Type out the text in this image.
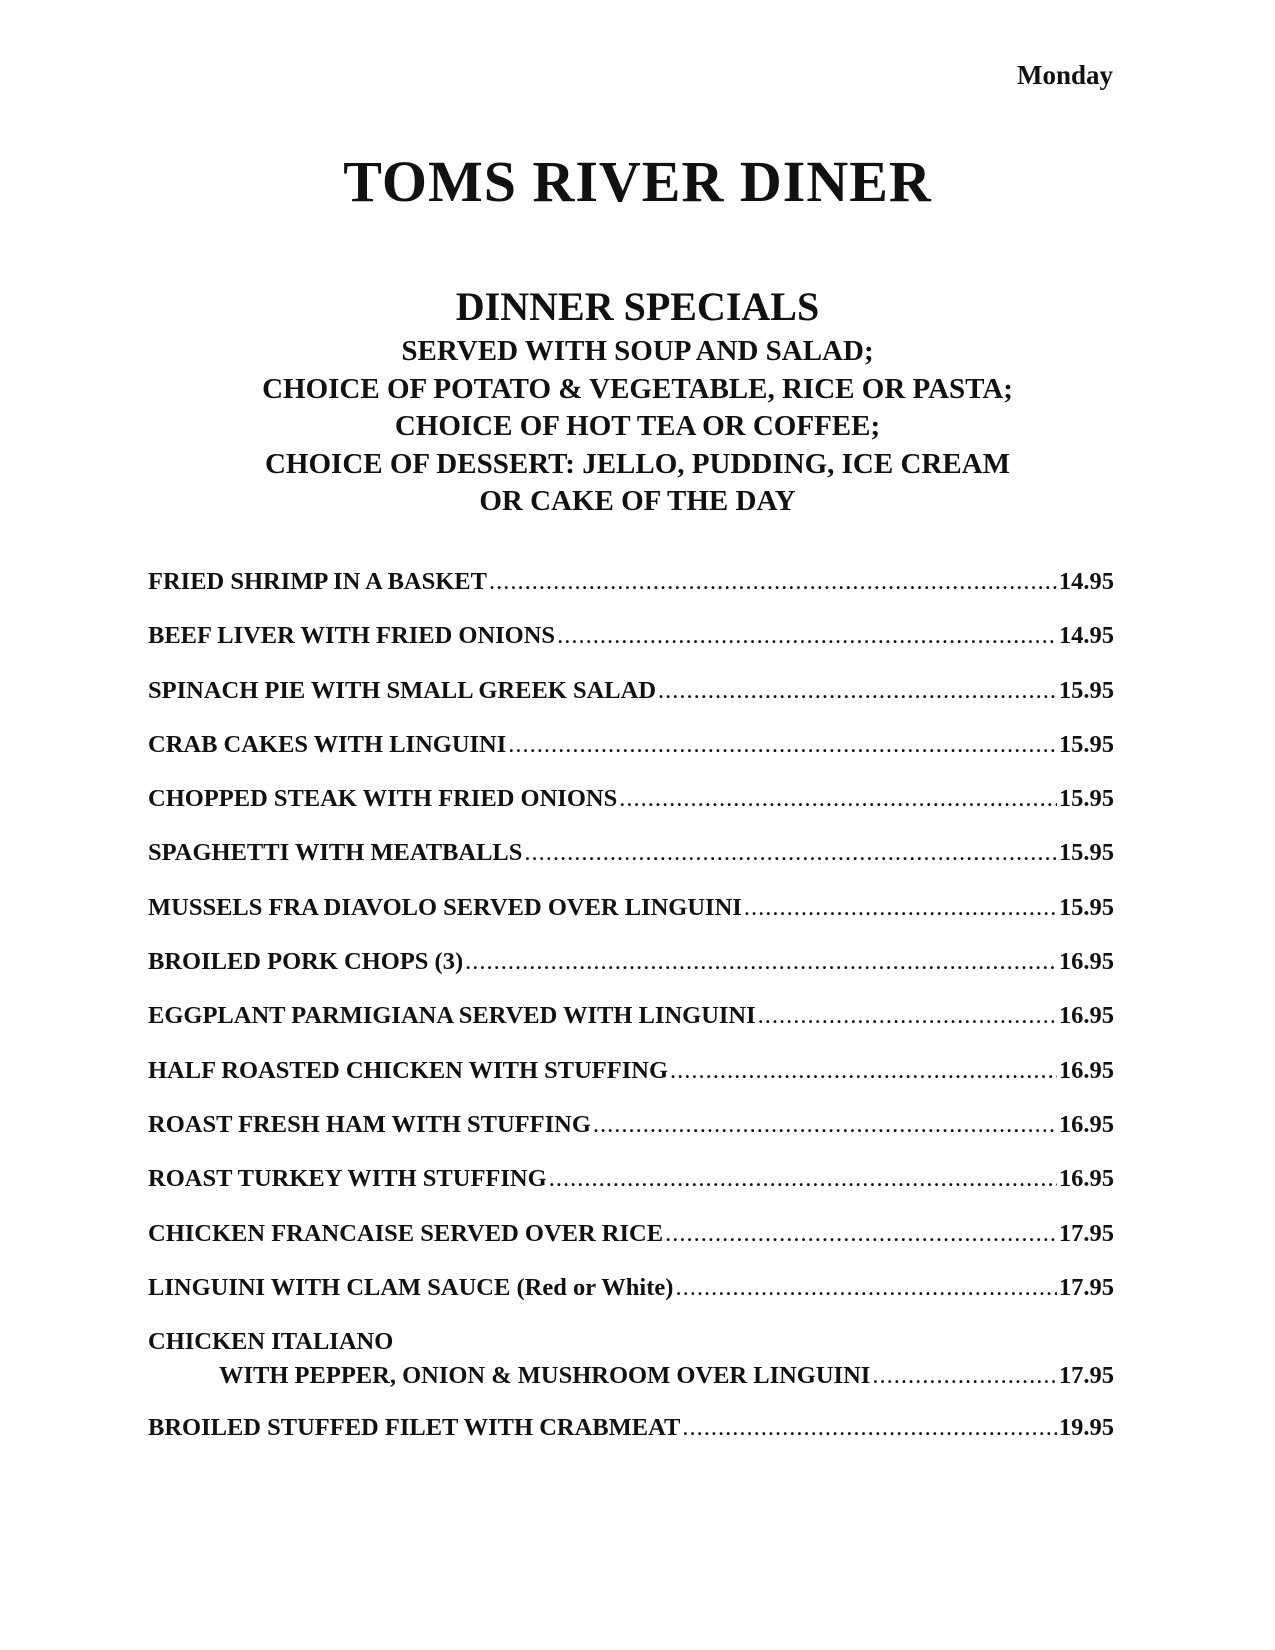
Monday
TOMS RIVER DINER
DINNER SPECIALS
SERVED WITH SOUP AND SALAD;
CHOICE OF POTATO & VEGETABLE, RICE OR PASTA;
CHOICE OF HOT TEA OR COFFEE;
CHOICE OF DESSERT: JELLO, PUDDING, ICE CREAM
OR CAKE OF THE DAY
FRIED SHRIMP IN A BASKET .....	14.95
BEEF LIVER WITH FRIED ONIONS .....	14.95
SPINACH PIE WITH SMALL GREEK SALAD .....	15.95
CRAB CAKES WITH LINGUINI .....	15.95
CHOPPED STEAK WITH FRIED ONIONS .....	15.95
SPAGHETTI WITH MEATBALLS .....	15.95
MUSSELS FRA DIAVOLO SERVED OVER LINGUINI .....	15.95
BROILED PORK CHOPS (3) .....	16.95
EGGPLANT PARMIGIANA SERVED WITH LINGUINI .....	16.95
HALF ROASTED CHICKEN WITH STUFFING .....	16.95
ROAST FRESH HAM WITH STUFFING .....	16.95
ROAST TURKEY WITH STUFFING .....	16.95
CHICKEN FRANCAISE SERVED OVER RICE .....	17.95
LINGUINI WITH CLAM SAUCE (Red or White) .....	17.95
CHICKEN ITALIANO
WITH PEPPER, ONION & MUSHROOM OVER LINGUINI .....	17.95
BROILED STUFFED FILET WITH CRABMEAT .....	19.95
